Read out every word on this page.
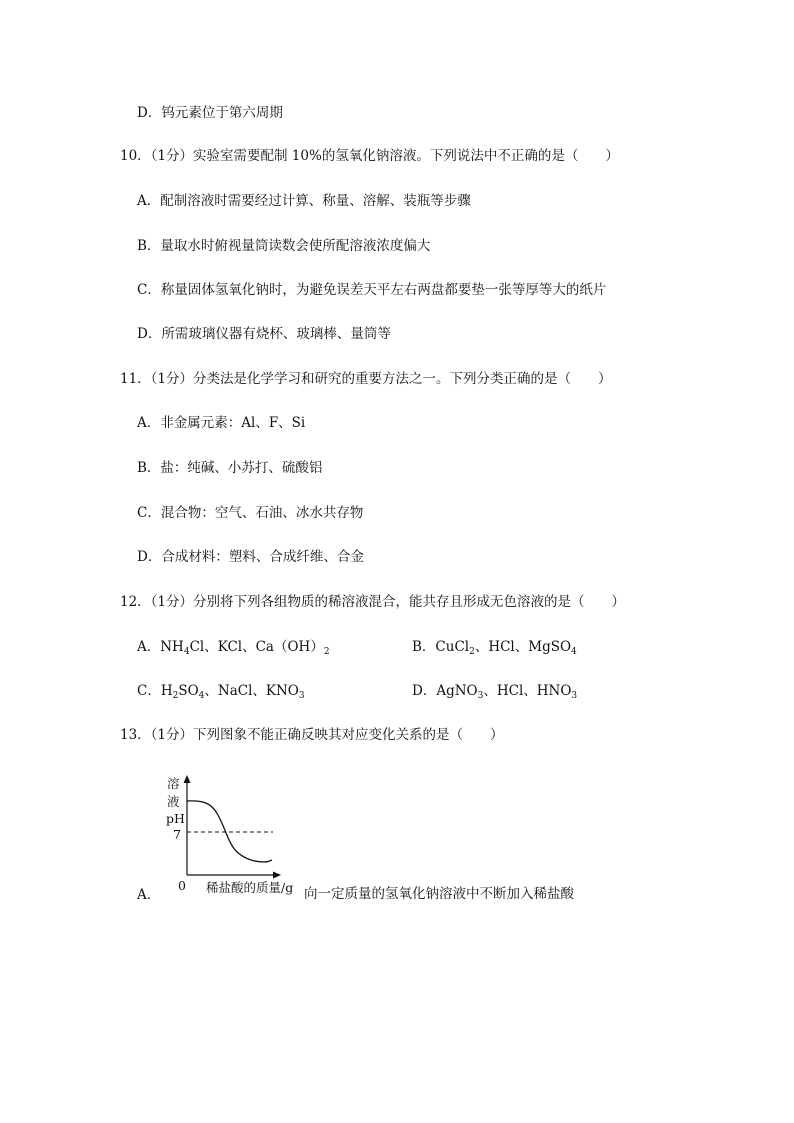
D．钨元素位于第六周期
10．（1分）实验室需要配制 10%的氢氧化钠溶液。下列说法中不正确的是（　　）
A．配制溶液时需要经过计算、称量、溶解、装瓶等步骤
B．量取水时俯视量筒读数会使所配溶液浓度偏大
C．称量固体氢氧化钠时，为避免误差天平左右两盘都要垫一张等厚等大的纸片
D．所需玻璃仪器有烧杯、玻璃棒、量筒等
11．（1分）分类法是化学学习和研究的重要方法之一。下列分类正确的是（　　）
A．非金属元素：Al、F、Si
B．盐：纯碱、小苏打、硫酸铝
C．混合物：空气、石油、冰水共存物
D．合成材料：塑料、合成纤维、合金
12．（1分）分别将下列各组物质的稀溶液混合，能共存且形成无色溶液的是（　　）
A．$NH_4Cl$、KCl、$Ca(OH)_2$	B．CuCl$_2$、HCl、MgSO$_4$
C．$H_2SO_4$、NaCl、$KNO_3$	D．AgNO$_3$、HCl、$HNO_3$
13．（1分）下列图象不能正确反映其对应变化关系的是（　　）
A．
溶
液
pH
7
0 稀盐酸的质量/g 向一定质量的氢氧化钠溶液中不断加入稀盐酸
